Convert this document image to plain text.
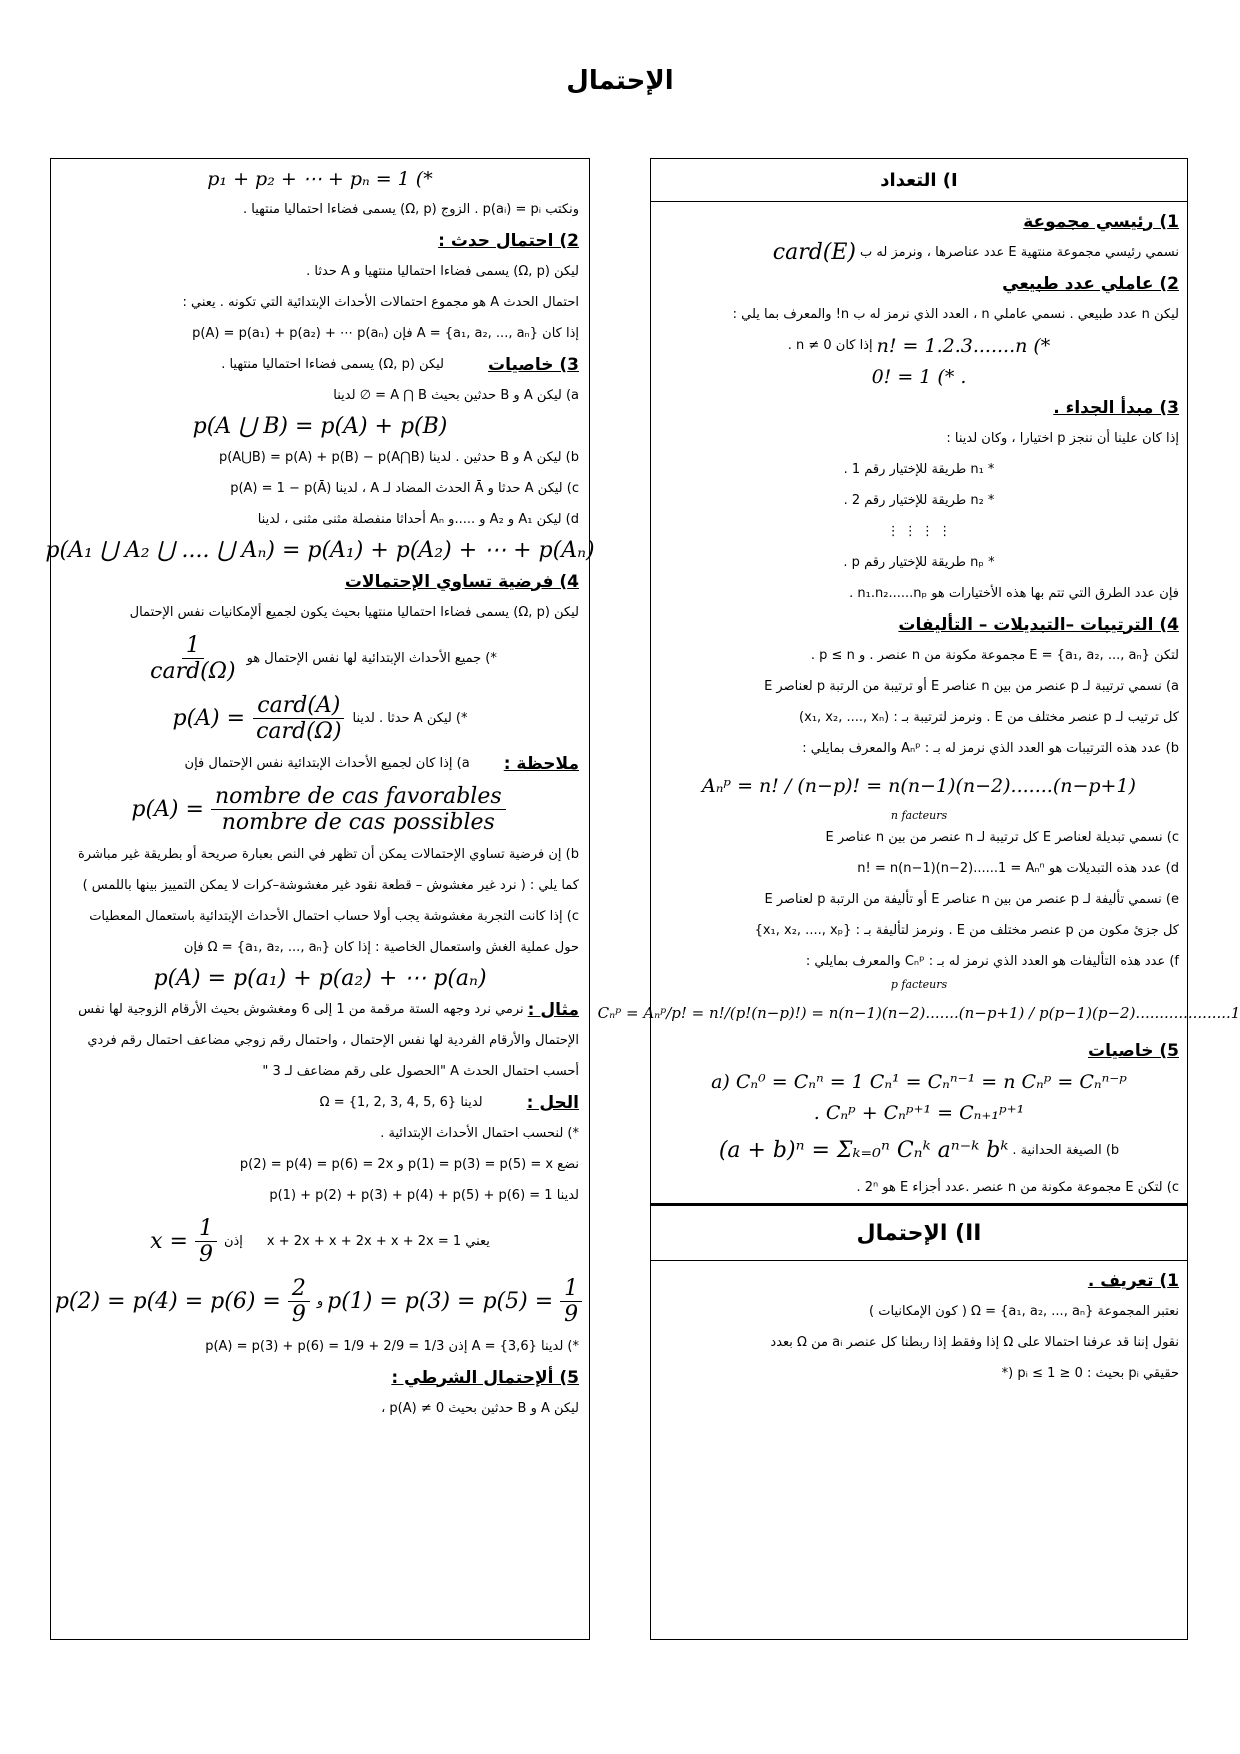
الإحتمال
I) التعداد
1) رئيسي مجموعة
نسمي رئيسي مجموعة منتهية E عدد عناصرها ، ونرمز له ب
card(E)
2) عاملي عدد طبيعي
ليكن n عدد طبيعي . نسمي عاملي n ، العدد الذي نرمز له ب n! والمعرف بما يلي :
n! = 1.2.3.......n (*
إذا كان n ≠ 0 .
0! = 1 (* .
3) مبدأ الجداء .
إذا كان علينا أن ننجز p اختيارا ، وكان لدينا :
* n₁ طريقة للإختيار رقم 1 .
* n₂ طريقة للإختيار رقم 2 .
⋮ ⋮ ⋮ ⋮
* nₚ طريقة للإختيار رقم p .
فإن عدد الطرق التي تتم بها هذه الأختيارات هو n₁.n₂......nₚ .
4) الترتيبات –التبديلات – التأليفات
لتكن E = {a₁, a₂, ..., aₙ} مجموعة مكونة من n عنصر . و p ≤ n .
a) نسمي ترتيبة لـ p عنصر من بين n عناصر E أو ترتيبة من الرتبة p لعناصر E
كل ترتيب لـ p عنصر مختلف من E . ونرمز لترتيبة بـ : (x₁, x₂, ...., xₙ)
b) عدد هذه الترتيبات هو العدد الذي نرمز له بـ : Aₙᵖ والمعرف بمايلي :
Aₙᵖ = n! / (n−p)! = n(n−1)(n−2).......(n−p+1)
n facteurs
c) نسمي تبديلة لعناصر E كل ترتيبة لـ n عنصر من بين n عناصر E
d) عدد هذه التبديلات هو n! = n(n−1)(n−2)......1 = Aₙⁿ
e) نسمي تأليفة لـ p عنصر من بين n عناصر E أو تأليفة من الرتبة p لعناصر E
كل جزئ مكون من p عنصر مختلف من E . ونرمز لتأليفة بـ : {x₁, x₂, ...., xₚ}
f) عدد هذه التأليفات هو العدد الذي نرمز له بـ : Cₙᵖ والمعرف بمايلي :
p facteurs
Cₙᵖ = Aₙᵖ/p! = n!/(p!(n−p)!) = n(n−1)(n−2).......(n−p+1) / p(p−1)(p−2)....................1
5) خاصيات
a) Cₙ⁰ = Cₙⁿ = 1 Cₙ¹ = Cₙⁿ⁻¹ = n Cₙᵖ = Cₙⁿ⁻ᵖ
. Cₙᵖ + Cₙᵖ⁺¹ = Cₙ₊₁ᵖ⁺¹
b) الصيغة الحدانية .
(a + b)ⁿ = Σₖ₌₀ⁿ Cₙᵏ aⁿ⁻ᵏ bᵏ
c) لتكن E مجموعة مكونة من n عنصر .عدد أجزاء E هو 2ⁿ .
II) الإحتمال
1) تعريف .
نعتبر المجموعة Ω = {a₁, a₂, ..., aₙ} ( كون الإمكانيات )
نقول إننا قد عرفنا احتمالا على Ω إذا وفقط إذا ربطنا كل عنصر aᵢ من Ω بعدد
حقيقي pᵢ بحيث : 0 ≤ pᵢ ≤ 1 (*
p₁ + p₂ + ⋯ + pₙ = 1 (*
ونكتب p(aᵢ) = pᵢ . الزوج (Ω, p) يسمى فضاءا احتماليا منتهيا .
2) احتمال حدث :
ليكن (Ω, p) يسمى فضاءا احتماليا منتهيا و A حدثا .
احتمال الحدث A هو مجموع احتمالات الأحداث الإبتدائية التي تكونه . يعني :
إذا كان A = {a₁, a₂, ..., aₙ} فإن p(A) = p(a₁) + p(a₂) + ⋯ p(aₙ)
3) خاصيات
ليكن (Ω, p) يسمى فضاءا احتماليا منتهيا .
a) ليكن A و B حدثين بحيث A ⋂ B = ∅ لدينا
p(A ⋃ B) = p(A) + p(B)
b) ليكن A و B حدثين . لدينا p(A⋃B) = p(A) + p(B) − p(A⋂B)
c) ليكن A حدثا و Ā الحدث المضاد لـ A ، لدينا p(A) = 1 − p(Ā)
d) ليكن A₁ و A₂ و .....و Aₙ أحداثا منفصلة مثنى مثنى ، لدينا
p(A₁ ⋃ A₂ ⋃ .... ⋃ Aₙ) = p(A₁) + p(A₂) + ⋯ + p(Aₙ)
4) فرضية تساوي الإحتمالات
ليكن (Ω, p) يسمى فضاءا احتماليا منتهيا بحيث يكون لجميع ألإمكانيات نفس الإحتمال
*) جميع الأحداث الإبتدائية لها نفس الإحتمال هو
$\frac{1}{\text{card(Ω)}}$
*) ليكن A حدثا . لدينا
$p(A) = \frac{\text{card(A)}}{\text{card(Ω)}}$
ملاحظة :
a) إذا كان لجميع الأحداث الإبتدائية نفس الإحتمال فإن
$p(A) = \frac{\text{nombre de cas favorables}}{\text{nombre de cas possibles}}$
b) إن فرضية تساوي الإحتمالات يمكن أن تظهر في النص بعبارة صريحة أو بطريقة غير مباشرة
كما يلي : ( نرد غير مغشوش – قطعة نقود غير مغشوشة–كرات لا يمكن التمييز بينها باللمس )
c) إذا كانت التجربة مغشوشة يجب أولا حساب احتمال الأحداث الإبتدائية باستعمال المعطيات
حول عملية الغش واستعمال الخاصية : إذا كان Ω = {a₁, a₂, ..., aₙ} فإن
p(A) = p(a₁) + p(a₂) + ⋯ p(aₙ)
مثال :
نرمي نرد وجهه الستة مرقمة من 1 إلى 6 ومغشوش بحيث الأرقام الزوجية لها نفس
الإحتمال والأرقام الفردية لها نفس الإحتمال ، واحتمال رقم زوجي مضاعف احتمال رقم فردي
أحسب احتمال الحدث A "الحصول على رقم مضاعف لـ 3 "
الحل :
لدينا Ω = {1, 2, 3, 4, 5, 6}
*) لنحسب احتمال الأحداث الإبتدائية .
نضع p(1) = p(3) = p(5) = x و p(2) = p(4) = p(6) = 2x
لدينا p(1) + p(2) + p(3) + p(4) + p(5) + p(6) = 1
يعني x + 2x + x + 2x + x + 2x = 1
إذن
$x = \frac{1}{9}$
$p(1) = p(3) = p(5) = \frac{1}{9}$
و
$p(2) = p(4) = p(6) = \frac{2}{9}$
*) لدينا A = {3,6} إذن p(A) = p(3) + p(6) = 1/9 + 2/9 = 1/3
5) ألإحتمال الشرطي :
ليكن A و B حدثين بحيث p(A) ≠ 0 ،
